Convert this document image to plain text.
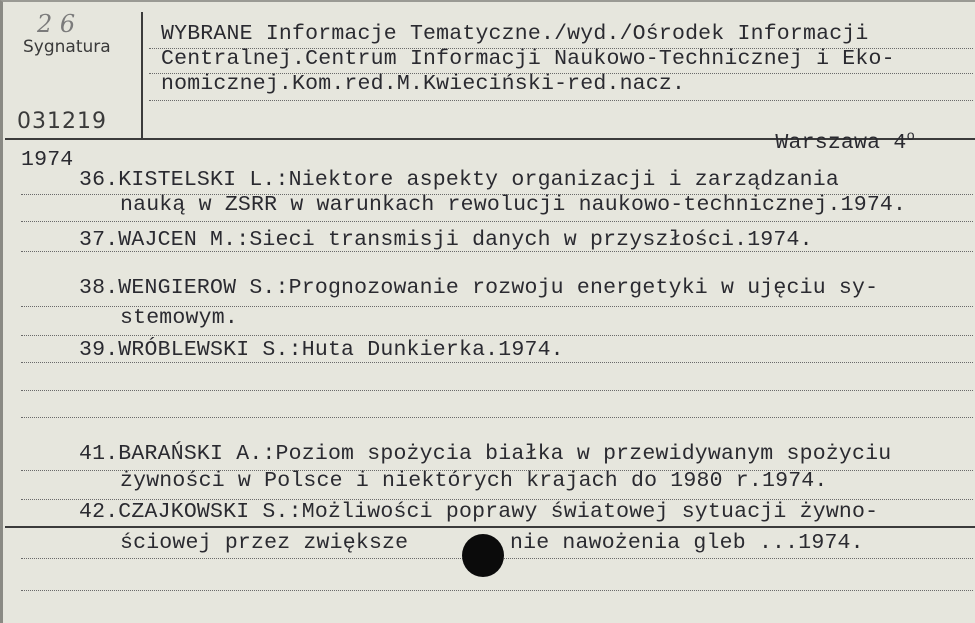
2 6
Sygnatura
031219
WYBRANE Informacje Tematyczne./wyd./Ośrodek Informacji
Centralnej.Centrum Informacji Naukowo-Technicznej i Eko-
nomicznej.Kom.red.M.Kwieciński-red.nacz.

Warszawa 4$^o$

1974
36.KISTELSKI L.:Niektore aspekty organizacji i zarządzania
nauką w ZSRR w warunkach rewolucji naukowo-technicznej.1974.
37.WAJCEN M.:Sieci transmisji danych w przyszłości.1974.
38.WENGIEROW S.:Prognozowanie rozwoju energetyki w ujęciu sy-
stemowym.
39.WRÓBLEWSKI S.:Huta Dunkierka.1974.
41.BARAŃSKI A.:Poziom spożycia białka w przewidywanym spożyciu
żywności w Polsce i niektórych krajach do 1980 r.1974.
42.CZAJKOWSKI S.:Możliwości poprawy światowej sytuacji żywno-
ściowej przez zwiększe	nie nawożenia gleb ...1974.
